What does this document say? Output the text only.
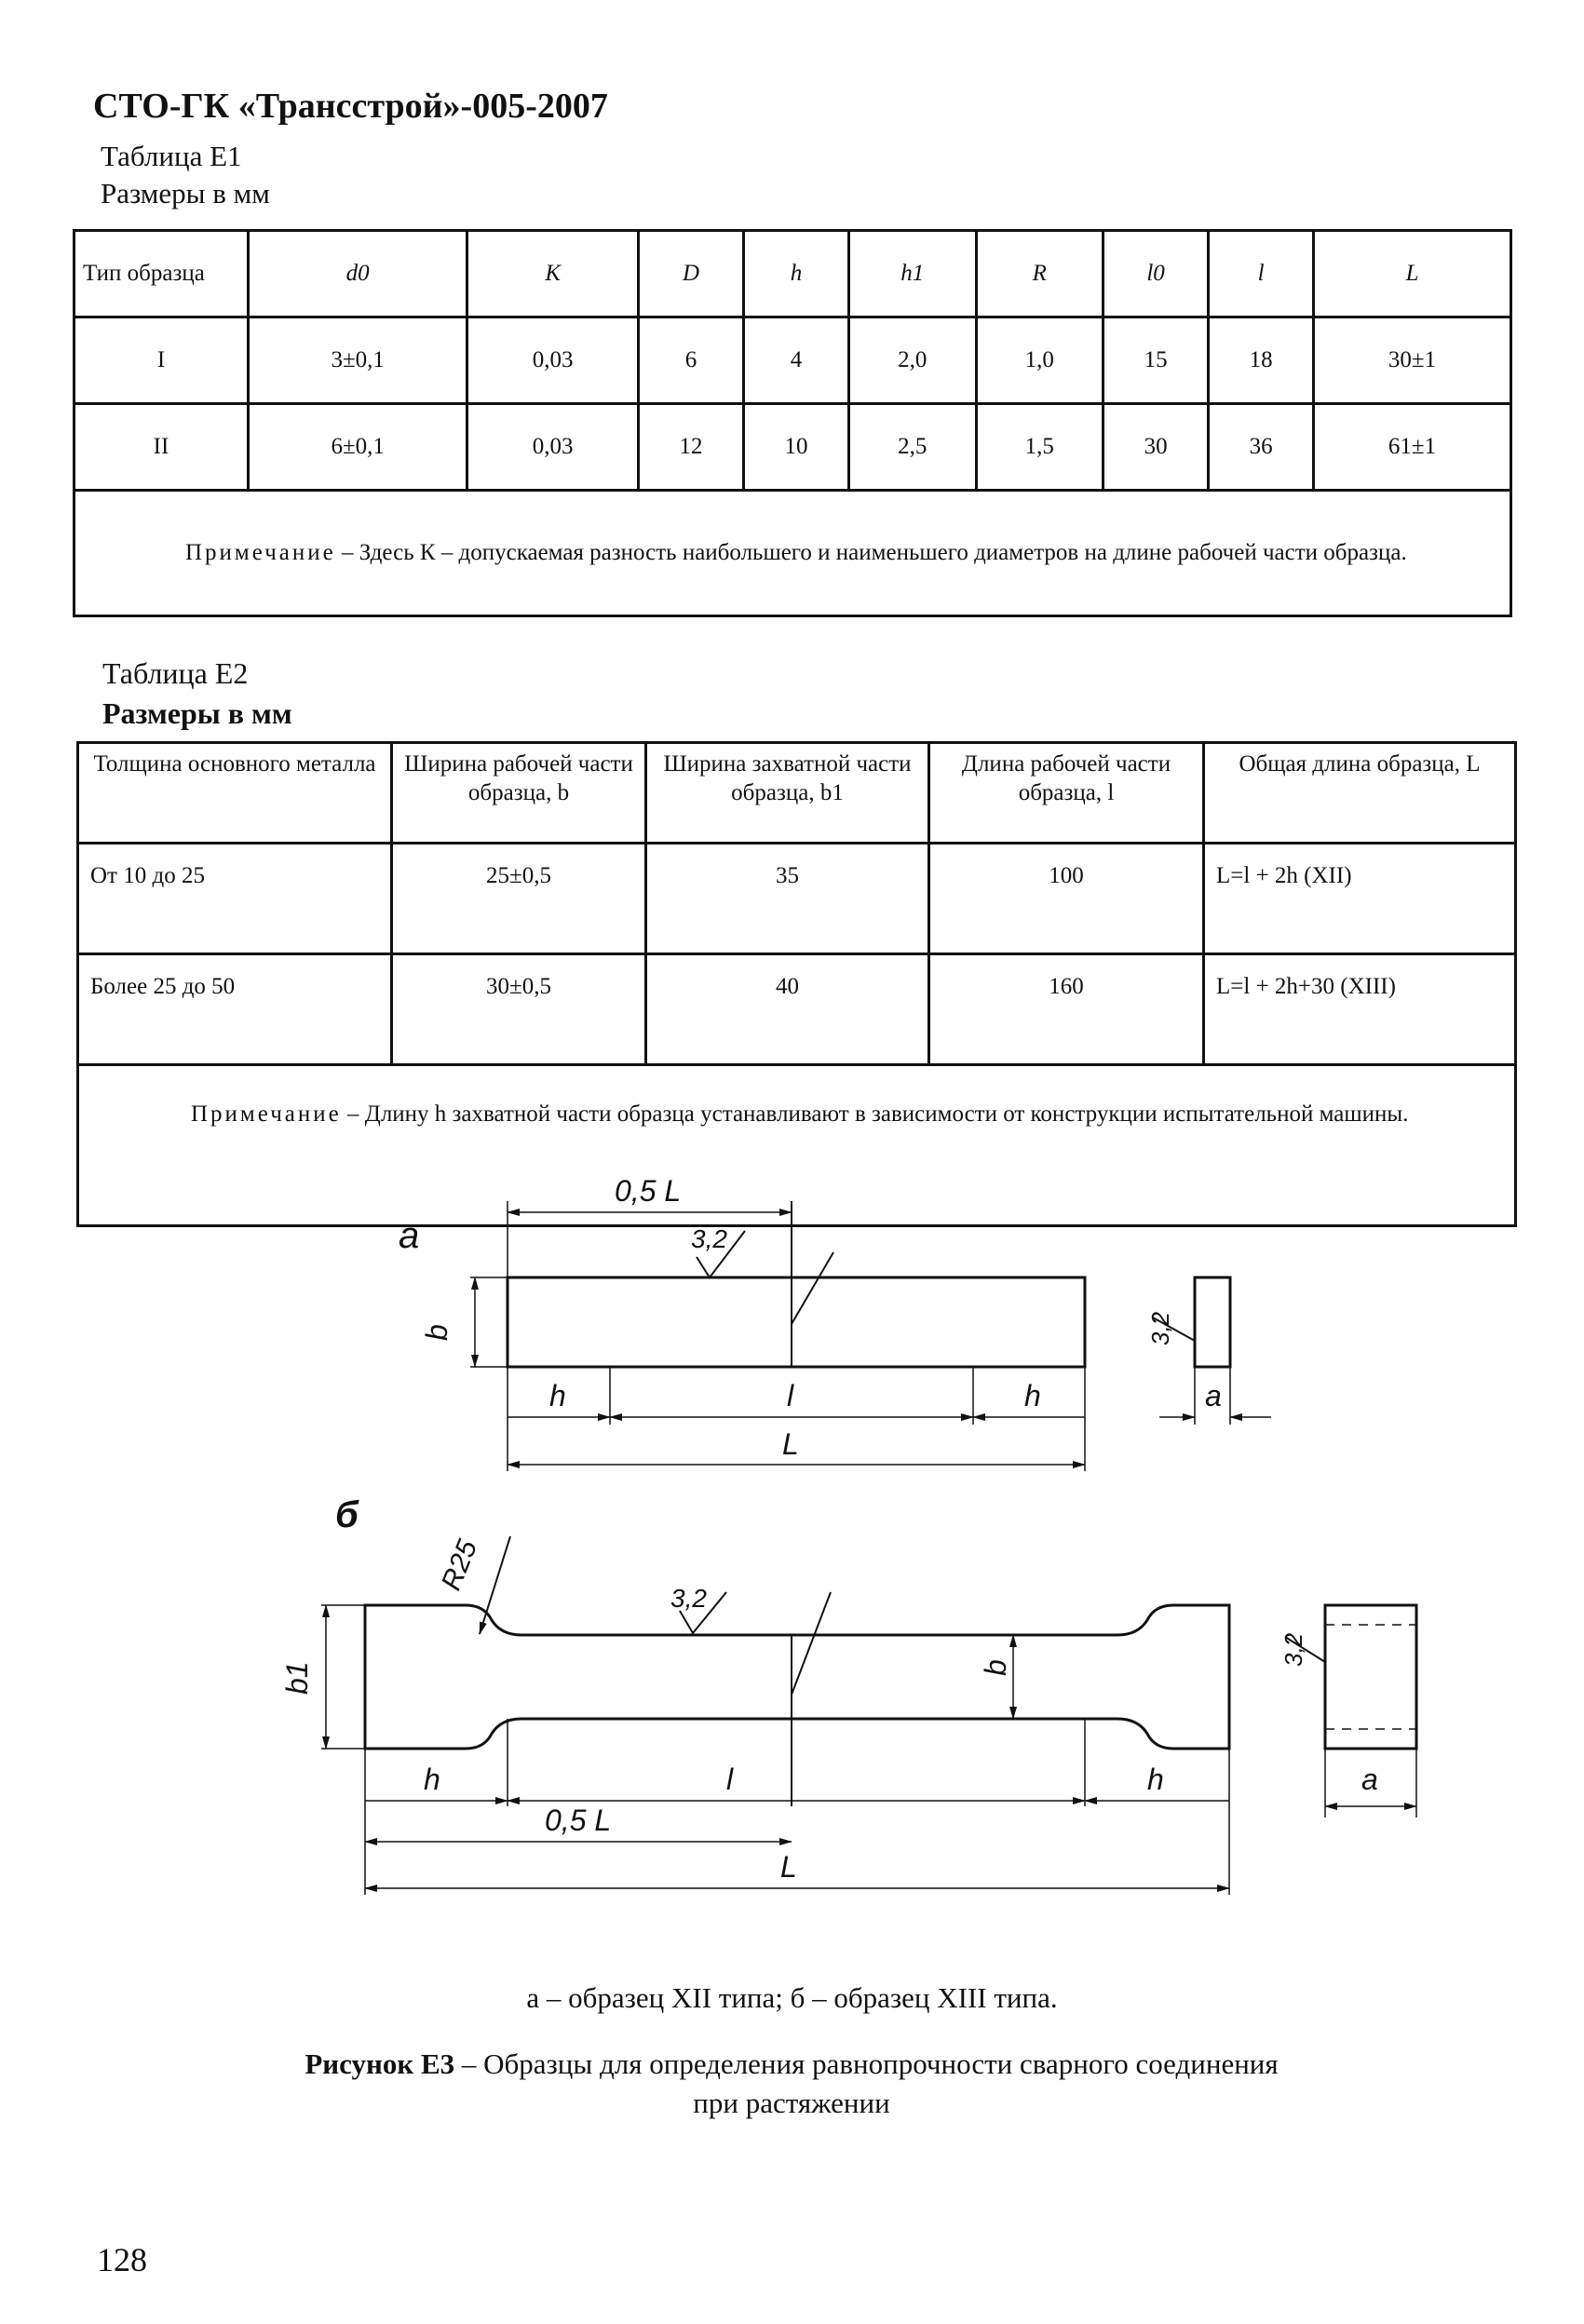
СТО-ГК «Трансстрой»-005-2007
Таблица Е1
Размеры в мм
Тип образца	d0	K	D	h	h1	R	l0	l	L
I	3±0,1	0,03	6	4	2,0	1,0	15	18	30±1
II	6±0,1	0,03	12	10	2,5	1,5	30	36	61±1
Примечание – Здесь К – допускаемая разность наибольшего и наименьшего диаметров на длине рабочей части образца.									
Таблица Е2
Размеры в мм
Толщина основного металла	Ширина рабочей части образца, b	Ширина захватной части образца, b1	Длина рабочей части образца, l	Общая длина образца, L
От 10 до 25	25±0,5	35	100	L=l + 2h (XII)
Более 25 до 50	30±0,5	40	160	L=l + 2h+30 (XIII)
Примечание – Длину h захватной части образца устанавливают в зависимости от конструкции испытательной машины.				
а
0,5 L
3,2
b
h	l	h
L
3,2
a
б
R25
3,2
b
b1
h	l	h
0,5 L
L
3,2
a
а – образец XII типа; б – образец XIII типа.
Рисунок Е3 – Образцы для определения равнопрочности сварного соединения при растяжении
128
